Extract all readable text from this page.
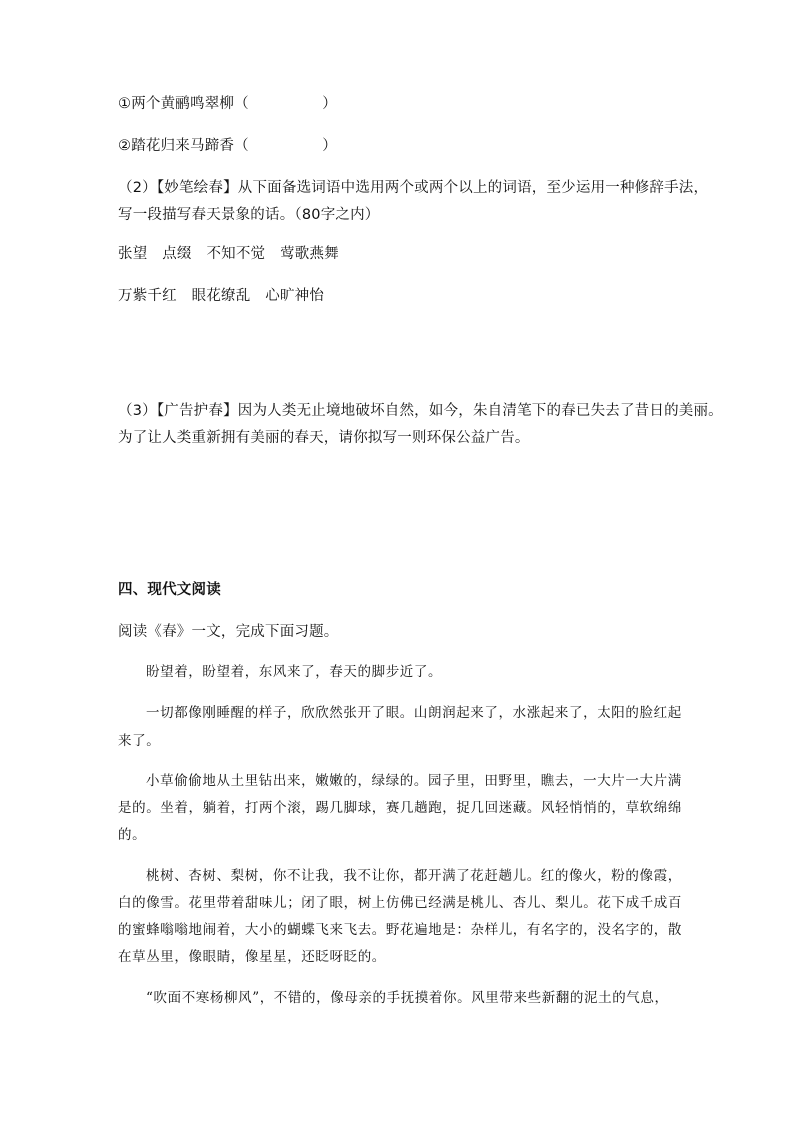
①两个黄鹂鸣翠柳（　　　　　）

②踏花归来马蹄香（　　　　　）

（2）【妙笔绘春】从下面备选词语中选用两个或两个以上的词语，至少运用一种修辞手法，

写一段描写春天景象的话。（80字之内）

张望 点缀 不知不觉 莺歌燕舞

万紫千红 眼花缭乱 心旷神怡

（3）【广告护春】因为人类无止境地破坏自然，如今，朱自清笔下的春已失去了昔日的美丽。

为了让人类重新拥有美丽的春天，请你拟写一则环保公益广告。

四、现代文阅读

阅读《春》一文，完成下面习题。

盼望着，盼望着，东风来了，春天的脚步近了。

一切都像刚睡醒的样子，欣欣然张开了眼。山朗润起来了，水涨起来了，太阳的脸红起

来了。

小草偷偷地从土里钻出来，嫩嫩的，绿绿的。园子里，田野里，瞧去，一大片一大片满

是的。坐着，躺着，打两个滚，踢几脚球，赛几趟跑，捉几回迷藏。风轻悄悄的，草软绵绵

的。

桃树、杏树、梨树，你不让我，我不让你，都开满了花赶趟儿。红的像火，粉的像霞，

白的像雪。花里带着甜味儿；闭了眼，树上仿佛已经满是桃儿、杏儿、梨儿。花下成千成百

的蜜蜂嗡嗡地闹着，大小的蝴蝶飞来飞去。野花遍地是：杂样儿，有名字的，没名字的，散

在草丛里，像眼睛，像星星，还眨呀眨的。

“吹面不寒杨柳风”，不错的，像母亲的手抚摸着你。风里带来些新翻的泥土的气息，
